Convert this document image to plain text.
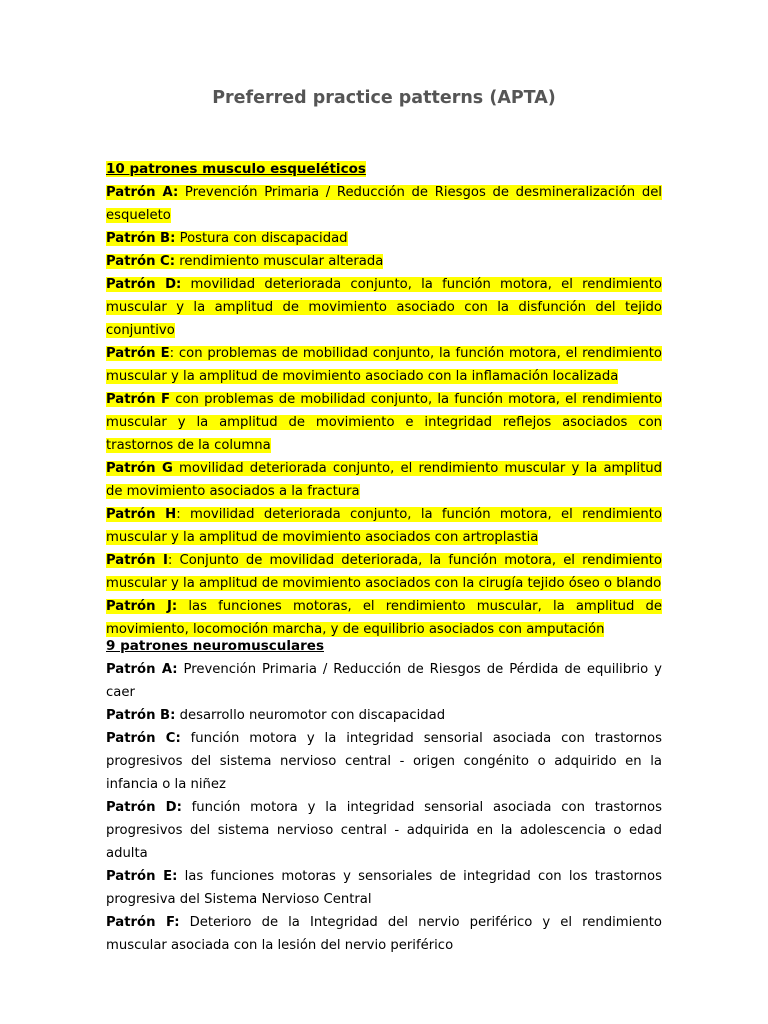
Preferred practice patterns (APTA)

10 patrones musculo esqueléticos

Patrón A: Prevención Primaria / Reducción de Riesgos de desmineralización del esqueleto

Patrón B: Postura con discapacidad

Patrón C: rendimiento muscular alterada

Patrón D: movilidad deteriorada conjunto, la función motora, el rendimiento muscular y la amplitud de movimiento asociado con la disfunción del tejido conjuntivo

Patrón E: con problemas de mobilidad conjunto, la función motora, el rendimiento muscular y la amplitud de movimiento asociado con la inflamación localizada

Patrón F con problemas de mobilidad conjunto, la función motora, el rendimiento muscular y la amplitud de movimiento e integridad reflejos asociados con trastornos de la columna

Patrón G movilidad deteriorada conjunto, el rendimiento muscular y la amplitud de movimiento asociados a la fractura

Patrón H: movilidad deteriorada conjunto, la función motora, el rendimiento muscular y la amplitud de movimiento asociados con artroplastia

Patrón I: Conjunto de movilidad deteriorada, la función motora, el rendimiento muscular y la amplitud de movimiento asociados con la cirugía tejido óseo o blando

Patrón J: las funciones motoras, el rendimiento muscular, la amplitud de movimiento, locomoción marcha, y de equilibrio asociados con amputación

9 patrones neuromusculares

Patrón A: Prevención Primaria / Reducción de Riesgos de Pérdida de equilibrio y caer

Patrón B: desarrollo neuromotor con discapacidad

Patrón C: función motora y la integridad sensorial asociada con trastornos progresivos del sistema nervioso central - origen congénito o adquirido en la infancia o la niñez

Patrón D: función motora y la integridad sensorial asociada con trastornos progresivos del sistema nervioso central - adquirida en la adolescencia o edad adulta

Patrón E: las funciones motoras y sensoriales de integridad con los trastornos progresiva del Sistema Nervioso Central

Patrón F: Deterioro de la Integridad del nervio periférico y el rendimiento muscular asociada con la lesión del nervio periférico
